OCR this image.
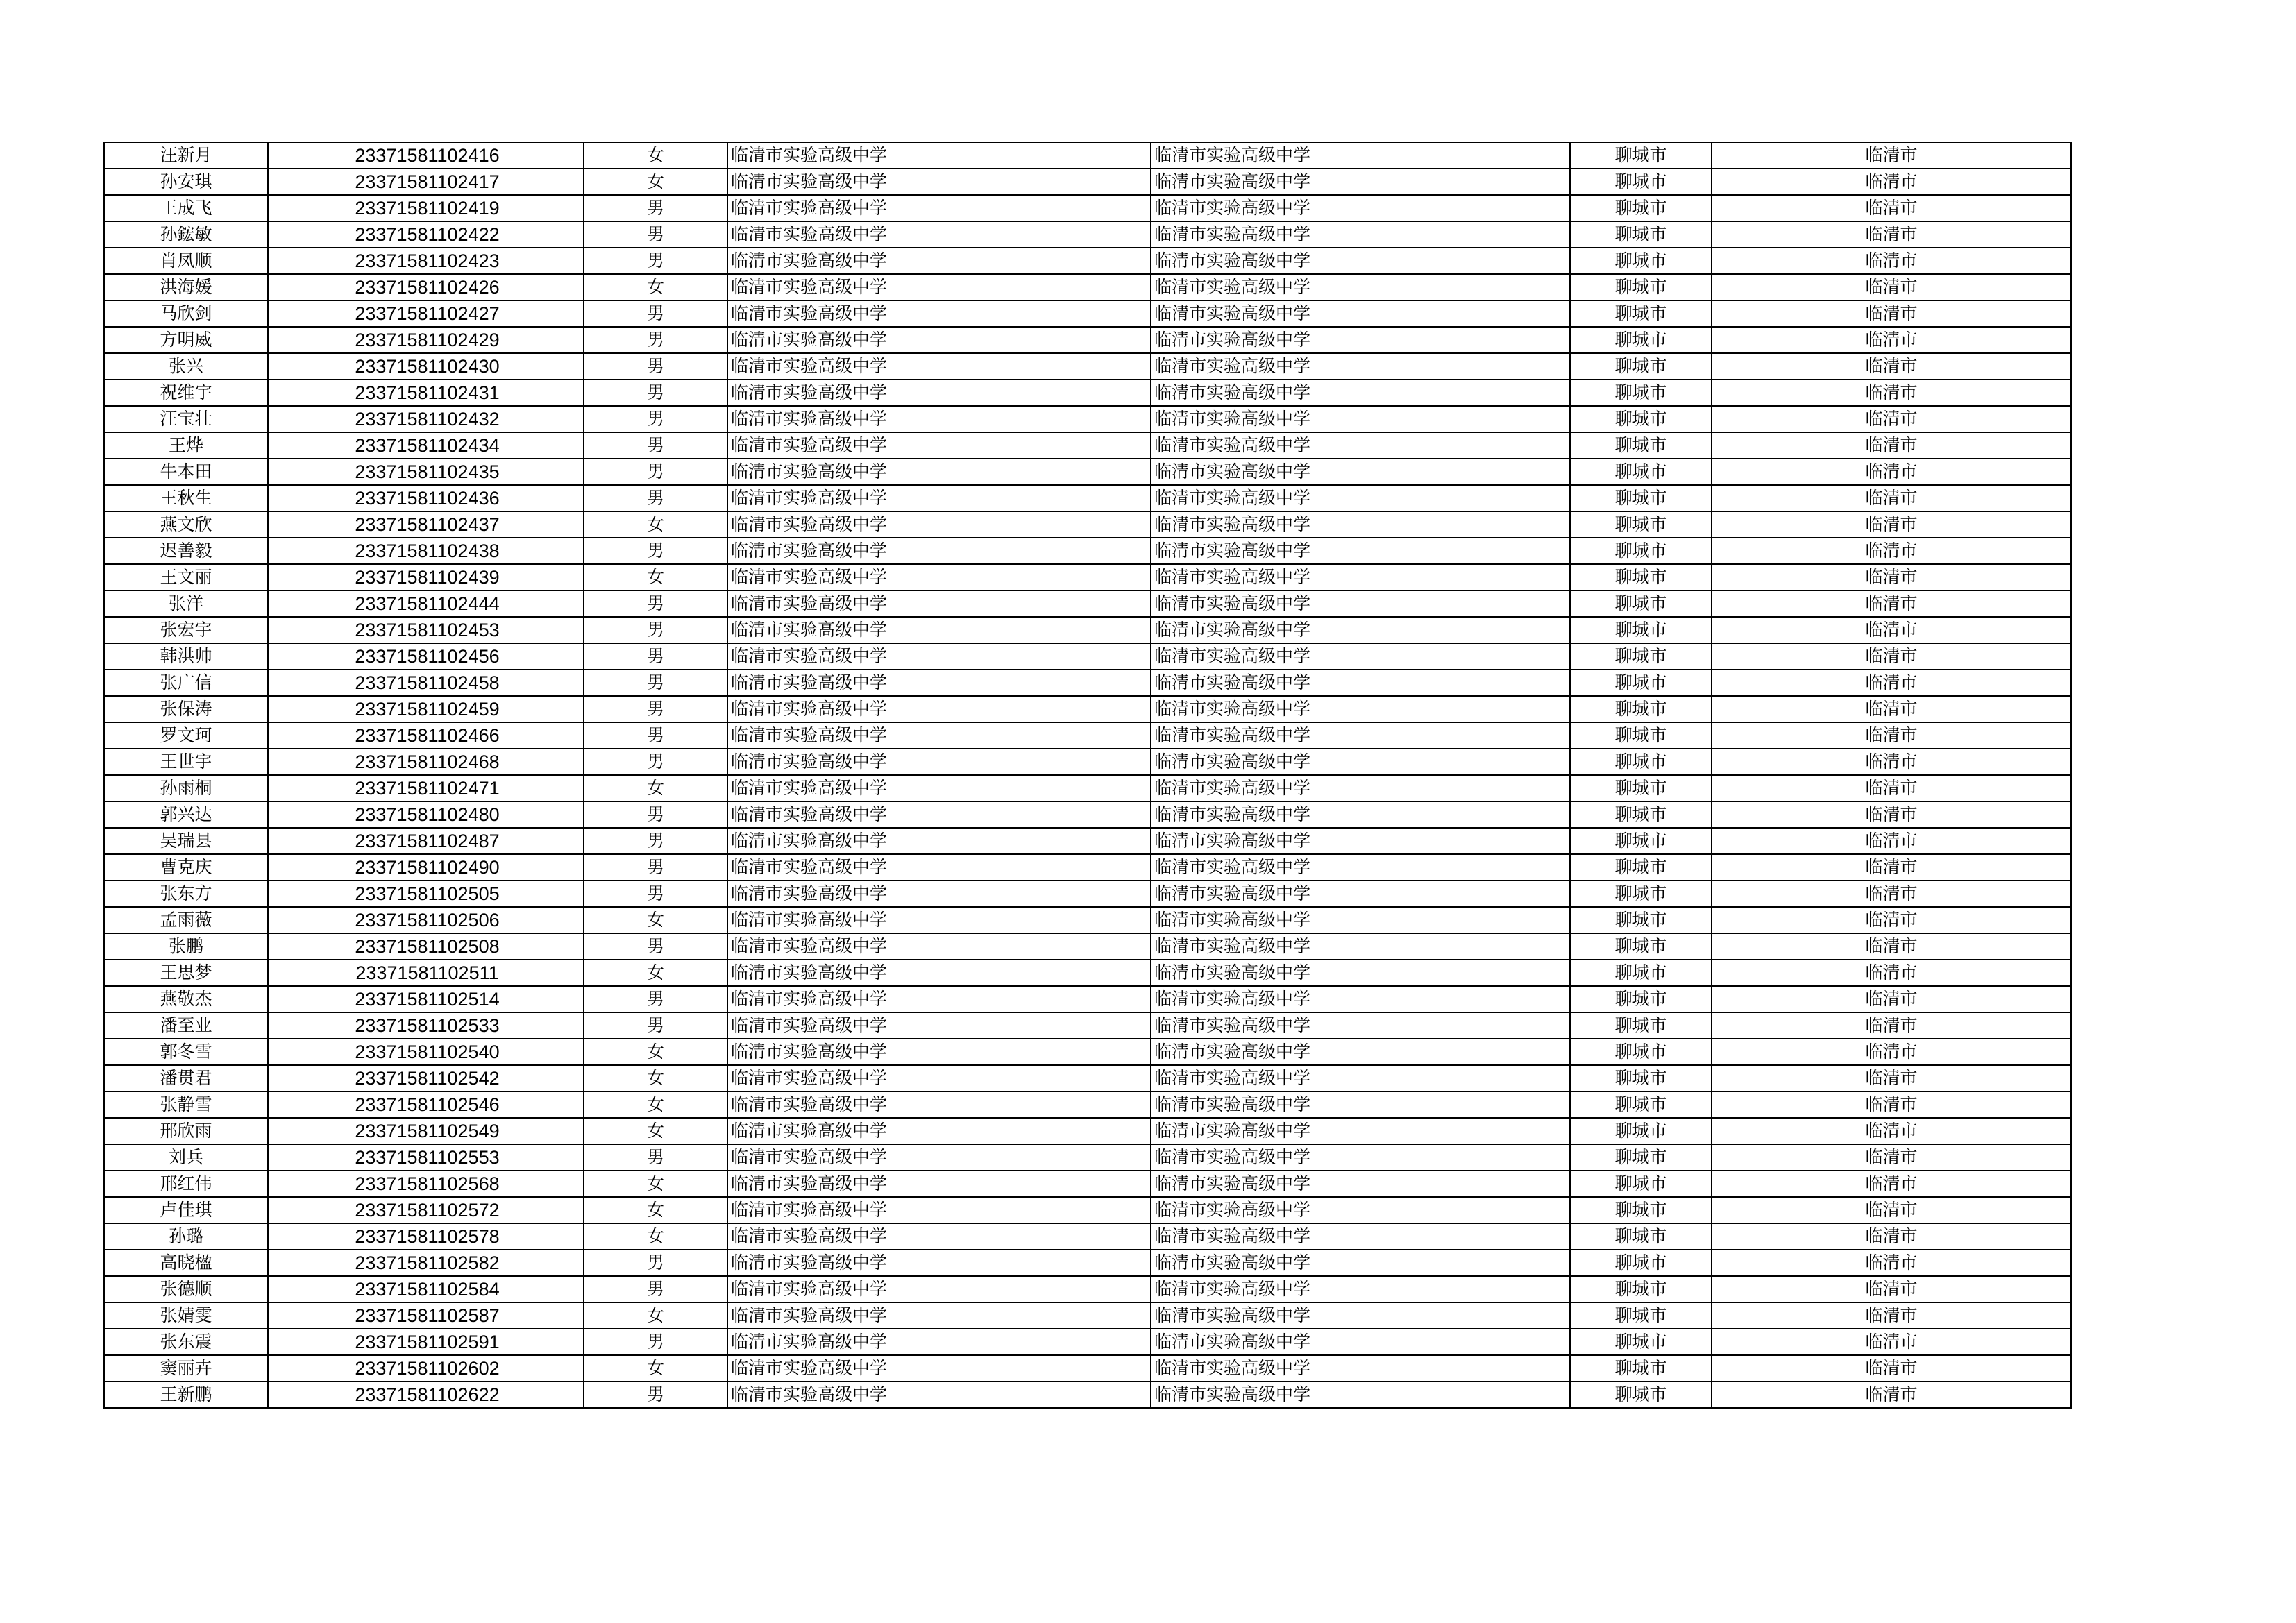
汪新月	23371581102416	女	临清市实验高级中学	临清市实验高级中学	聊城市	临清市
孙安琪	23371581102417	女	临清市实验高级中学	临清市实验高级中学	聊城市	临清市
王成飞	23371581102419	男	临清市实验高级中学	临清市实验高级中学	聊城市	临清市
孙鋐敏	23371581102422	男	临清市实验高级中学	临清市实验高级中学	聊城市	临清市
肖凤顺	23371581102423	男	临清市实验高级中学	临清市实验高级中学	聊城市	临清市
洪海媛	23371581102426	女	临清市实验高级中学	临清市实验高级中学	聊城市	临清市
马欣剑	23371581102427	男	临清市实验高级中学	临清市实验高级中学	聊城市	临清市
方明威	23371581102429	男	临清市实验高级中学	临清市实验高级中学	聊城市	临清市
张兴	23371581102430	男	临清市实验高级中学	临清市实验高级中学	聊城市	临清市
祝维宇	23371581102431	男	临清市实验高级中学	临清市实验高级中学	聊城市	临清市
汪宝壮	23371581102432	男	临清市实验高级中学	临清市实验高级中学	聊城市	临清市
王烨	23371581102434	男	临清市实验高级中学	临清市实验高级中学	聊城市	临清市
牛本田	23371581102435	男	临清市实验高级中学	临清市实验高级中学	聊城市	临清市
王秋生	23371581102436	男	临清市实验高级中学	临清市实验高级中学	聊城市	临清市
燕文欣	23371581102437	女	临清市实验高级中学	临清市实验高级中学	聊城市	临清市
迟善毅	23371581102438	男	临清市实验高级中学	临清市实验高级中学	聊城市	临清市
王文丽	23371581102439	女	临清市实验高级中学	临清市实验高级中学	聊城市	临清市
张洋	23371581102444	男	临清市实验高级中学	临清市实验高级中学	聊城市	临清市
张宏宇	23371581102453	男	临清市实验高级中学	临清市实验高级中学	聊城市	临清市
韩洪帅	23371581102456	男	临清市实验高级中学	临清市实验高级中学	聊城市	临清市
张广信	23371581102458	男	临清市实验高级中学	临清市实验高级中学	聊城市	临清市
张保涛	23371581102459	男	临清市实验高级中学	临清市实验高级中学	聊城市	临清市
罗文珂	23371581102466	男	临清市实验高级中学	临清市实验高级中学	聊城市	临清市
王世宇	23371581102468	男	临清市实验高级中学	临清市实验高级中学	聊城市	临清市
孙雨桐	23371581102471	女	临清市实验高级中学	临清市实验高级中学	聊城市	临清市
郭兴达	23371581102480	男	临清市实验高级中学	临清市实验高级中学	聊城市	临清市
吴瑞县	23371581102487	男	临清市实验高级中学	临清市实验高级中学	聊城市	临清市
曹克庆	23371581102490	男	临清市实验高级中学	临清市实验高级中学	聊城市	临清市
张东方	23371581102505	男	临清市实验高级中学	临清市实验高级中学	聊城市	临清市
孟雨薇	23371581102506	女	临清市实验高级中学	临清市实验高级中学	聊城市	临清市
张鹏	23371581102508	男	临清市实验高级中学	临清市实验高级中学	聊城市	临清市
王思梦	23371581102511	女	临清市实验高级中学	临清市实验高级中学	聊城市	临清市
燕敬杰	23371581102514	男	临清市实验高级中学	临清市实验高级中学	聊城市	临清市
潘至业	23371581102533	男	临清市实验高级中学	临清市实验高级中学	聊城市	临清市
郭冬雪	23371581102540	女	临清市实验高级中学	临清市实验高级中学	聊城市	临清市
潘贯君	23371581102542	女	临清市实验高级中学	临清市实验高级中学	聊城市	临清市
张静雪	23371581102546	女	临清市实验高级中学	临清市实验高级中学	聊城市	临清市
邢欣雨	23371581102549	女	临清市实验高级中学	临清市实验高级中学	聊城市	临清市
刘兵	23371581102553	男	临清市实验高级中学	临清市实验高级中学	聊城市	临清市
邢红伟	23371581102568	女	临清市实验高级中学	临清市实验高级中学	聊城市	临清市
卢佳琪	23371581102572	女	临清市实验高级中学	临清市实验高级中学	聊城市	临清市
孙璐	23371581102578	女	临清市实验高级中学	临清市实验高级中学	聊城市	临清市
高晓楹	23371581102582	男	临清市实验高级中学	临清市实验高级中学	聊城市	临清市
张德顺	23371581102584	男	临清市实验高级中学	临清市实验高级中学	聊城市	临清市
张婧雯	23371581102587	女	临清市实验高级中学	临清市实验高级中学	聊城市	临清市
张东震	23371581102591	男	临清市实验高级中学	临清市实验高级中学	聊城市	临清市
窦丽卉	23371581102602	女	临清市实验高级中学	临清市实验高级中学	聊城市	临清市
王新鹏	23371581102622	男	临清市实验高级中学	临清市实验高级中学	聊城市	临清市
